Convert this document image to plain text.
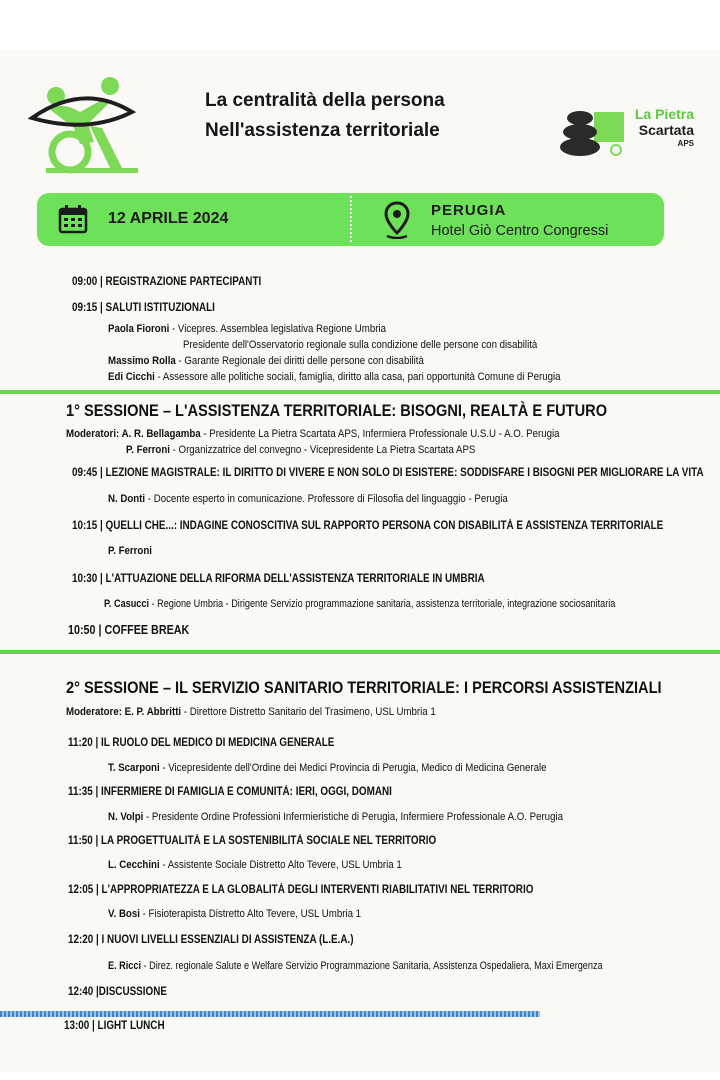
La centralità della persona
Nell'assistenza territoriale
La Pietra
Scartata
APS
12 APRILE 2024	PERUGIA
Hotel Giò Centro Congressi
09:00 | REGISTRAZIONE PARTECIPANTI
09:15 | SALUTI ISTITUZIONALI
Paola Fioroni - Vicepres. Assemblea legislativa Regione Umbria
Presidente dell'Osservatorio regionale sulla condizione delle persone con disabilità
Massimo Rolla - Garante Regionale dei diritti delle persone con disabilità
Edi Cicchi - Assessore alle politiche sociali, famiglia, diritto alla casa, pari opportunità Comune di Perugia
1° SESSIONE – L'ASSISTENZA TERRITORIALE: BISOGNI, REALTÀ E FUTURO
Moderatori: A. R. Bellagamba - Presidente La Pietra Scartata APS, Infermiera Professionale U.S.U - A.O. Perugia
P. Ferroni - Organizzatrice del convegno - Vicepresidente La Pietra Scartata APS
09:45 | LEZIONE MAGISTRALE: IL DIRITTO DI VIVERE E NON SOLO DI ESISTERE: SODDISFARE I BISOGNI PER MIGLIORARE LA VITA
N. Donti - Docente esperto in comunicazione. Professore di Filosofia del linguaggio - Perugia
10:15 | QUELLI CHE...: INDAGINE CONOSCITIVA SUL RAPPORTO PERSONA CON DISABILITÀ E ASSISTENZA TERRITORIALE
P. Ferroni
10:30 | L'ATTUAZIONE DELLA RIFORMA DELL'ASSISTENZA TERRITORIALE IN UMBRIA
P. Casucci - Regione Umbria - Dirigente Servizio programmazione sanitaria, assistenza territoriale, integrazione sociosanitaria
10:50 | COFFEE BREAK
2° SESSIONE – IL SERVIZIO SANITARIO TERRITORIALE: I PERCORSI ASSISTENZIALI
Moderatore: E. P. Abbritti - Direttore Distretto Sanitario del Trasimeno, USL Umbria 1
11:20 | IL RUOLO DEL MEDICO DI MEDICINA GENERALE
T. Scarponi - Vicepresidente dell'Ordine dei Medici Provincia di Perugia, Medico di Medicina Generale
11:35 | INFERMIERE DI FAMIGLIA E COMUNITÀ: IERI, OGGI, DOMANI
N. Volpi - Presidente Ordine Professioni Infermieristiche di Perugia, Infermiere Professionale A.O. Perugia
11:50 | LA PROGETTUALITÀ E LA SOSTENIBILITÀ SOCIALE NEL TERRITORIO
L. Cecchini - Assistente Sociale Distretto Alto Tevere, USL Umbria 1
12:05 | L'APPROPRIATEZZA E LA GLOBALITÀ DEGLI INTERVENTI RIABILITATIVI NEL TERRITORIO
V. Bosi - Fisioterapista Distretto Alto Tevere, USL Umbria 1
12:20 | I NUOVI LIVELLI ESSENZIALI DI ASSISTENZA (L.E.A.)
E. Ricci - Direz. regionale Salute e Welfare Servizio Programmazione Sanitaria, Assistenza Ospedaliera, Maxi Emergenza
12:40 |DISCUSSIONE
13:00 | LIGHT LUNCH
